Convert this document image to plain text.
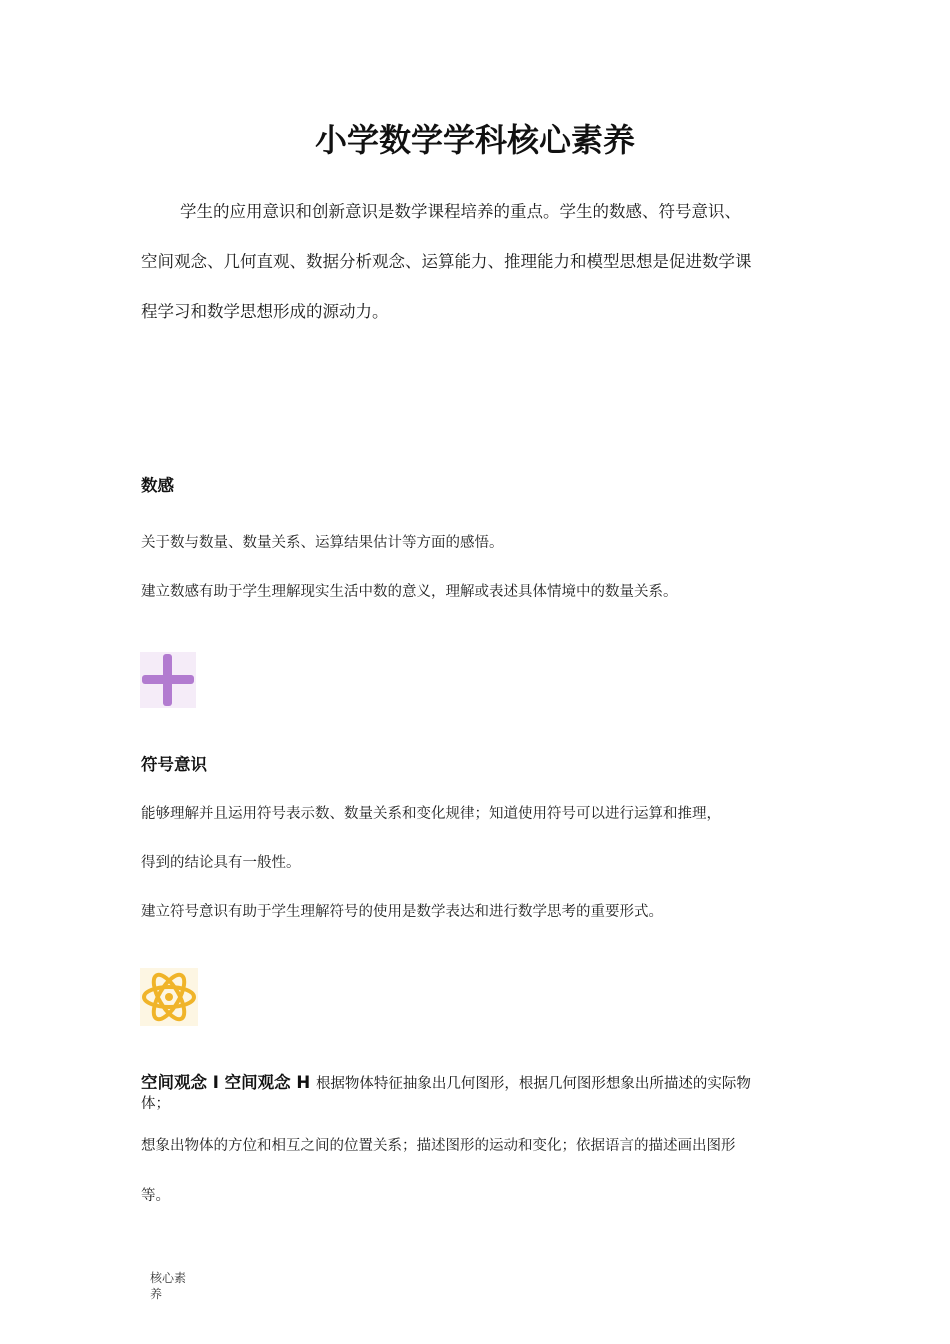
小学数学学科核心素养
学生的应用意识和创新意识是数学课程培养的重点。学生的数感、符号意识、
空间观念、几何直观、数据分析观念、运算能力、推理能力和模型思想是促进数学课
程学习和数学思想形成的源动力。
数感
关于数与数量、数量关系、运算结果估计等方面的感悟。
建立数感有助于学生理解现实生活中数的意义，理解或表述具体情境中的数量关系。
符号意识
能够理解并且运用符号表示数、数量关系和变化规律；知道使用符号可以进行运算和推理，
得到的结论具有一般性。
建立符号意识有助于学生理解符号的使用是数学表达和进行数学思考的重要形式。
空间观念 I 空间观念 H 根据物体特征抽象出几何图形，根据几何图形想象出所描述的实际物
体；
想象出物体的方位和相互之间的位置关系；描述图形的运动和变化；依据语言的描述画出图形
等。
核心素
养
